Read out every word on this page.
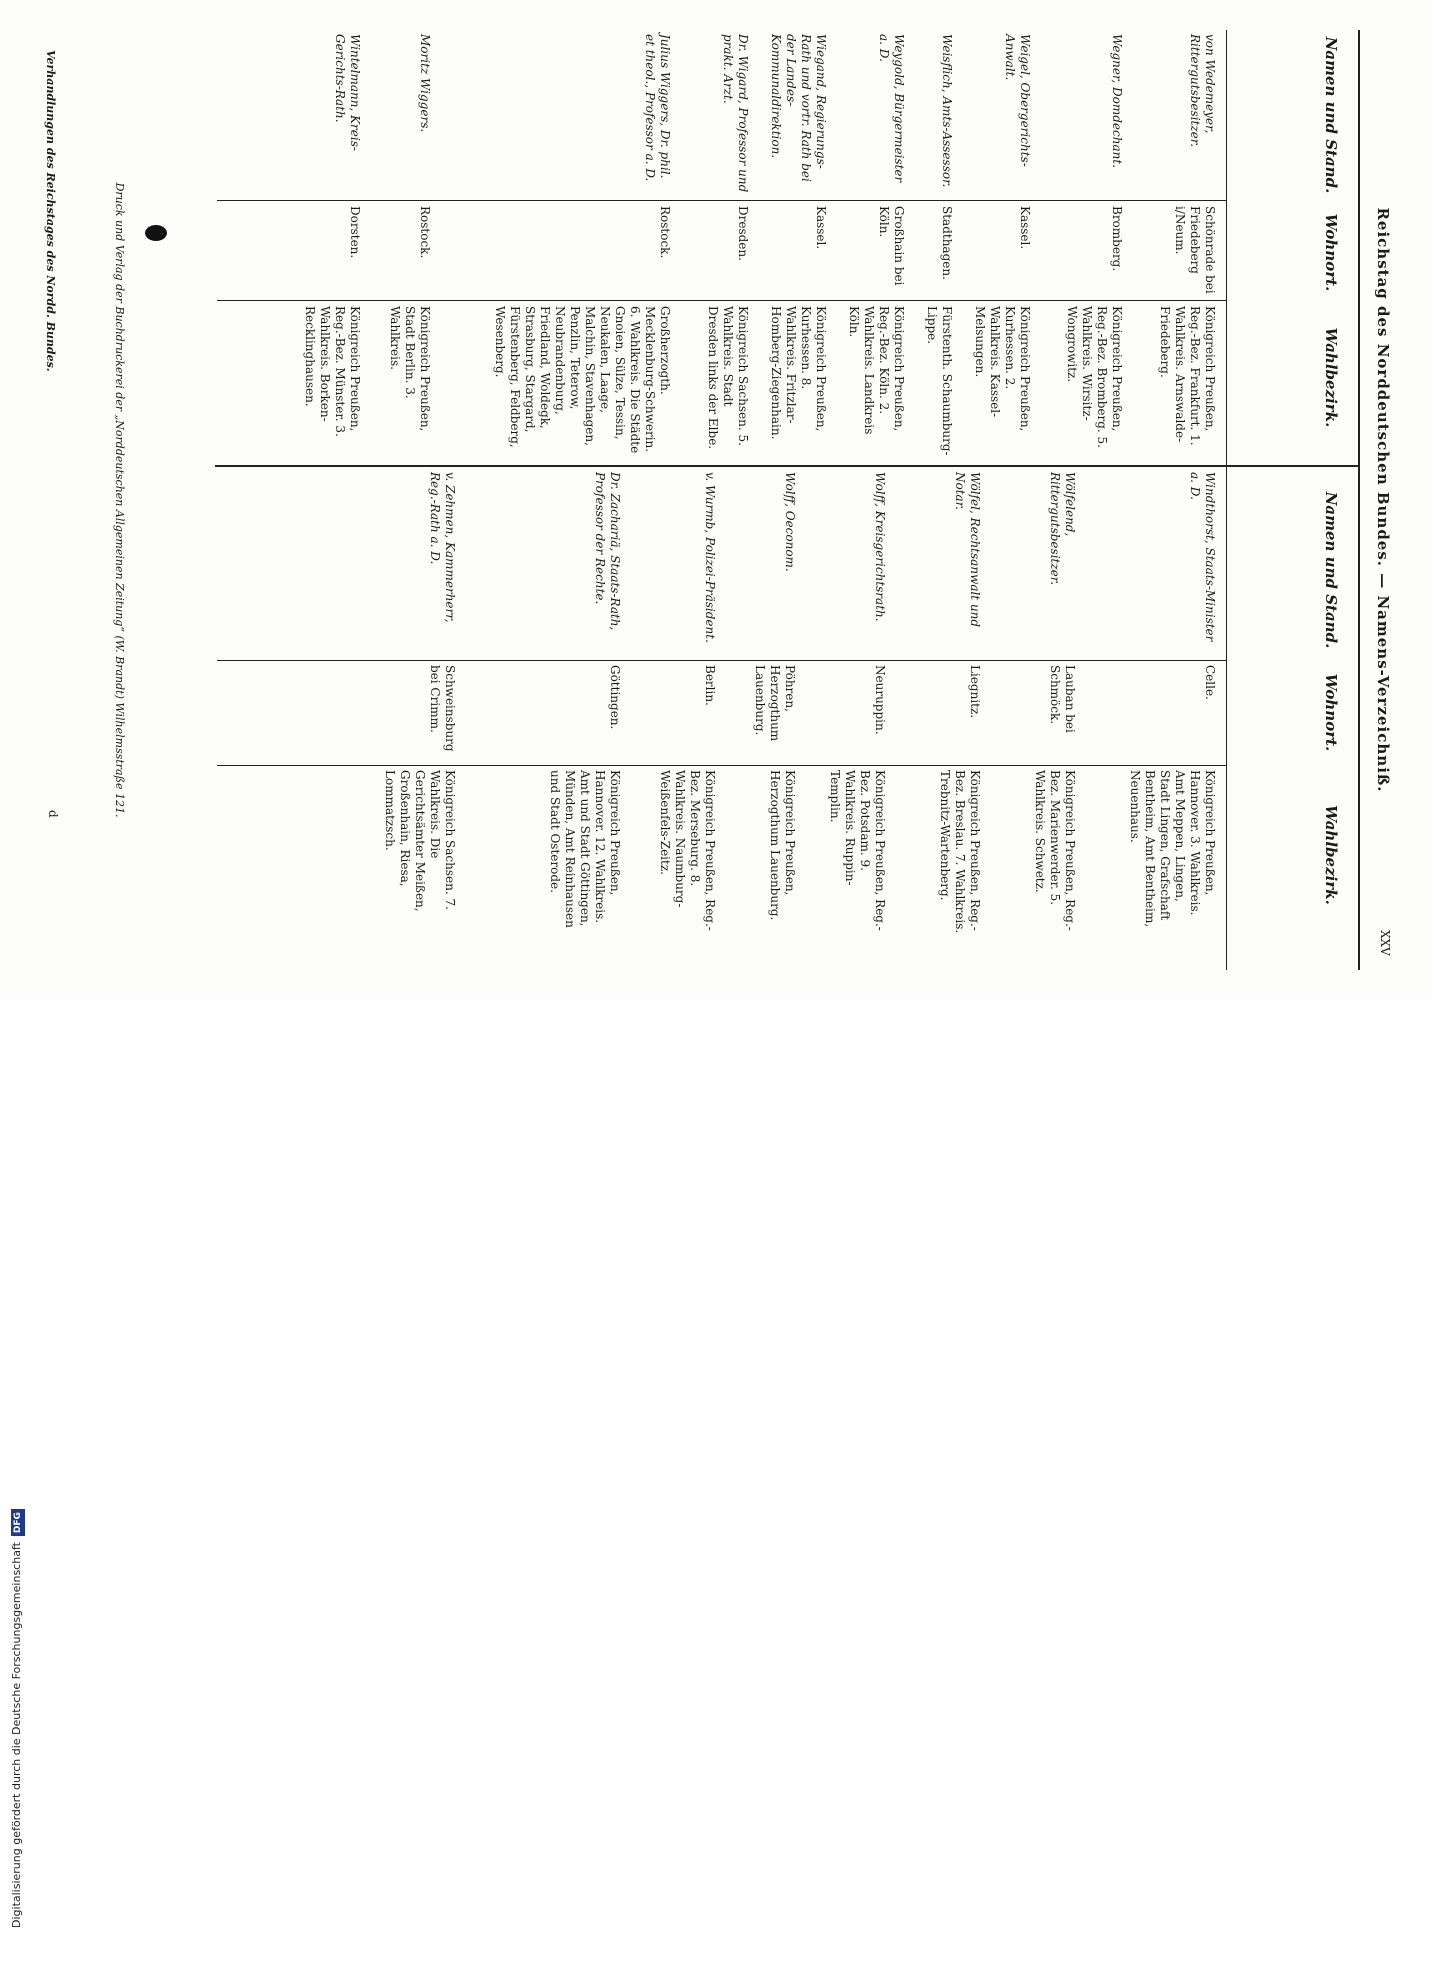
Digitalisierung gefördert durch die Deutsche ForschungsgemeinschaftDFG
Reichstag des Norddeutschen Bundes. — Namens-Verzeichniß.
XXV
Namen und Stand.
Wohnort.
Wahlbezirk.
Namen und Stand.
Wohnort.
Wahlbezirk.
von Wedemeyer, Rittergutsbesitzer.
Schönrade bei Friedeberg i/Neum.
Königreich Preußen, Reg.-Bez. Frankfurt. 1. Wahlkreis. Arnswalde-Friedeberg.
Wegner, Domdechant.
Bromberg.
Königreich Preußen, Reg.-Bez. Bromberg. 5. Wahlkreis. Wirsitz-Wongrowitz.
Weigel, Obergerichts-Anwalt.
Kassel.
Königreich Preußen, Kurhessen. 2. Wahlkreis. Kassel-Melsungen.
Weisflich, Amts-Assessor.
Stadthagen.
Fürstenth. Schaumburg-Lippe.
Weygold, Bürgermeister a. D.
Großhain bei Köln.
Königreich Preußen, Reg.-Bez. Köln. 2. Wahlkreis. Landkreis Köln.
Wiegand, Regierungs-Rath und vortr. Rath bei der Landes-Kommunaldirektion.
Kassel.
Königreich Preußen, Kurhessen. 8. Wahlkreis. Fritzlar-Homberg-Ziegenhain.
Dr. Wigard, Professor und prakt. Arzt.
Dresden.
Königreich Sachsen. 5. Wahlkreis. Stadt Dresden links der Elbe.
Julius Wiggers, Dr. phil. et theol., Professor a. D.
Rostock.
Großherzogth. Mecklenburg-Schwerin. 6. Wahlkreis. Die Städte Gnoien, Sülze, Tessin, Neukalen, Laage, Malchin, Stavenhagen, Penzlin, Teterow, Neubrandenburg, Friedland, Woldegk, Strasburg, Stargard, Fürstenberg, Feldberg, Wesenberg.
Moritz Wiggers.
Rostock.
Königreich Preußen, Stadt Berlin. 3. Wahlkreis.
Wintelmann, Kreis-Gerichts-Rath.
Dorsten.
Königreich Preußen, Reg.-Bez. Münster. 3. Wahlkreis. Borken-Recklinghausen.
Windthorst, Staats-Minister a. D.
Celle.
Königreich Preußen, Hannover. 3. Wahlkreis. Amt Meppen, Lingen, Stadt Lingen, Grafschaft Bentheim, Amt Bentheim, Neuenhaus.
Wölfelend, Rittergutsbesitzer.
Lauban bei Schmöck.
Königreich Preußen, Reg.-Bez. Marienwerder. 5. Wahlkreis. Schwetz.
Wölfel, Rechtsanwalt und Notar.
Liegnitz.
Königreich Preußen, Reg.-Bez. Breslau. 7. Wahlkreis. Trebnitz-Wartenberg.
Wolff, Kreisgerichtsrath.
Neuruppin.
Königreich Preußen, Reg.-Bez. Potsdam. 9. Wahlkreis. Ruppin-Templin.
Wolff, Oeconom.
Pöhren, Herzogthum Lauenburg.
Königreich Preußen, Herzogthum Lauenburg.
v. Wurmb, Polizei-Präsident.
Berlin.
Königreich Preußen, Reg.-Bez. Merseburg. 8. Wahlkreis. Naumburg-Weißenfels-Zeitz.
Dr. Zachariä, Staats-Rath, Professor der Rechte.
Göttingen.
Königreich Preußen, Hannover. 12. Wahlkreis. Amt und Stadt Göttingen, Münden, Amt Reinhausen und Stadt Osterode.
v. Zehmen, Kammerherr, Reg.-Rath a. D.
Schweinsburg bei Crimm.
Königreich Sachsen. 7. Wahlkreis. Die Gerichtsämter Meißen, Großenhain, Riesa, Lommatzsch.
Druck und Verlag der Buchdruckerei der „Norddeutschen Allgemeinen Zeitung“ (W. Brandt) Wilhelmsstraße 121.
d
Verhandlungen des Reichstages des Nordd. Bundes.
